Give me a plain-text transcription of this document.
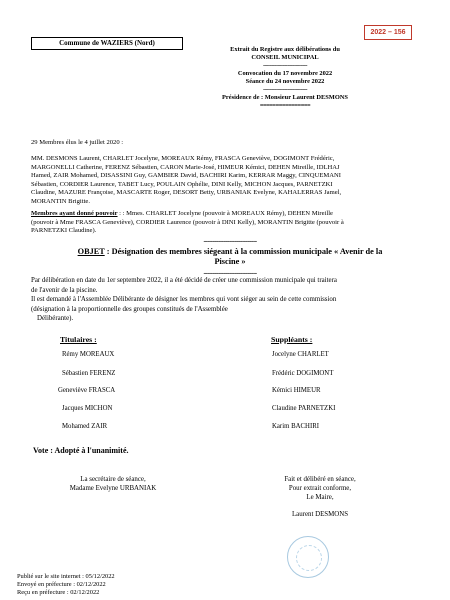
Commune de WAZIERS (Nord)
2022 – 156
Extrait du Registre aux délibérations du
CONSEIL MUNICIPAL
---------------------------
Convocation du 17 novembre 2022
Séance du 24 novembre 2022
---------------------------
Présidence de : Monsieur Laurent DESMONS
================
29 Membres élus le 4 juillet 2020 :
MM. DESMONS Laurent, CHARLET Jocelyne, MOREAUX Rémy, FRASCA Geneviève, DOGIMONT Frédéric,
MARGONELLI Catherine, FERENZ Sébastien, CARON Marie-José, HIMEUR Kémici, DEHEN Mireille, IDLHAJ
Hamed, ZAIR Mohamed, DISASSINI Guy, GAMBIER David, BACHIRI Karim, KERRAR Maggy, CINQUEMANI
Sébastien, CORDIER Laurence, TABET Lucy, POULAIN Ophélie, DINI Kelly, MICHON Jacques, PARNETZKI
Claudine, MAZURE Françoise, MASCARTE Roger, DESORT Betty, URBANIAK Evelyne, KAHALERRAS Jamel,
MORANTIN Brigitte.
Membres ayant donné pouvoir : : Mmes. CHARLET Jocelyne (pouvoir à MOREAUX Rémy), DEHEN Mireille
(pouvoir à Mme FRASCA Geneviève), CORDIER Laurence (pouvoir à DINI Kelly), MORANTIN Brigitte (pouvoir à
PARNETZKI Claudine).
-----------------------------
OBJET : Désignation des membres siégeant à la commission municipale « Avenir de la
Piscine »
-----------------------------
Par délibération en date du 1er septembre 2022, il a été décidé de créer une commission municipale qui traitera
de l'avenir de la piscine.
Il est demandé à l'Assemblée Délibérante de désigner les membres qui vont siéger au sein de cette commission
(désignation à la proportionnelle des groupes constitués de l'Assemblée
Délibérante).
Titulaires :	Suppléants :
Rémy MOREAUX
Sébastien FERENZ
Geneviève FRASCA
Jacques MICHON
Mohamed ZAIR
Jocelyne CHARLET
Frédéric DOGIMONT
Kémici HIMEUR
Claudine PARNETZKI
Karim BACHIRI
Vote : Adopté à l'unanimité.
La secrétaire de séance,
Madame Evelyne URBANIAK
Fait et délibéré en séance,
Pour extrait conforme,
Le Maire,
Laurent DESMONS
Publié sur le site internet : 05/12/2022
Envoyé en préfecture : 02/12/2022
Reçu en préfecture : 02/12/2022
